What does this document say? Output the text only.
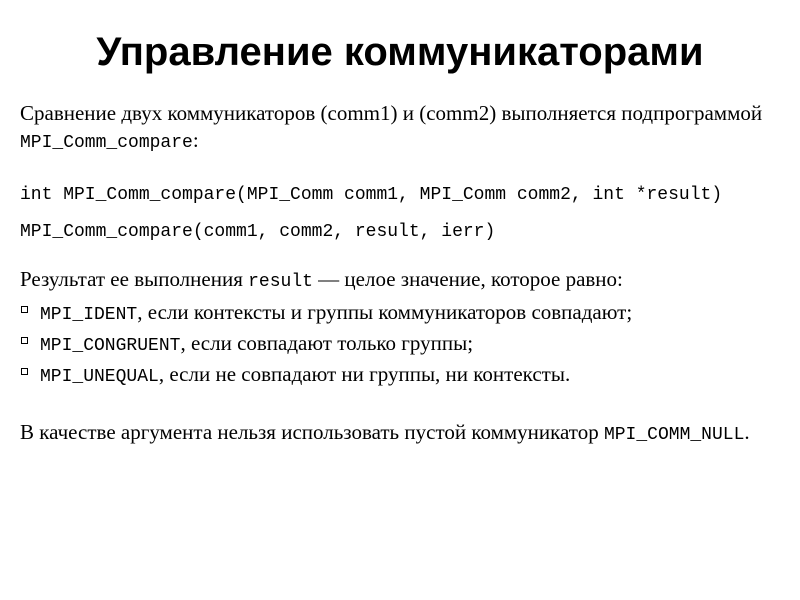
Управление коммуникаторами

Сравнение двух коммуникаторов (comm1) и (comm2) выполняется подпрограммой MPI_Comm_compare:

int MPI_Comm_compare(MPI_Comm comm1, MPI_Comm comm2, int *result)

MPI_Comm_compare(comm1, comm2, result, ierr)

Результат ее выполнения result — целое значение, которое равно:

MPI_IDENT, если контексты и группы коммуникаторов совпадают;
MPI_CONGRUENT, если совпадают только группы;
MPI_UNEQUAL, если не совпадают ни группы, ни контексты.

В качестве аргумента нельзя использовать пустой коммуникатор MPI_COMM_NULL.
